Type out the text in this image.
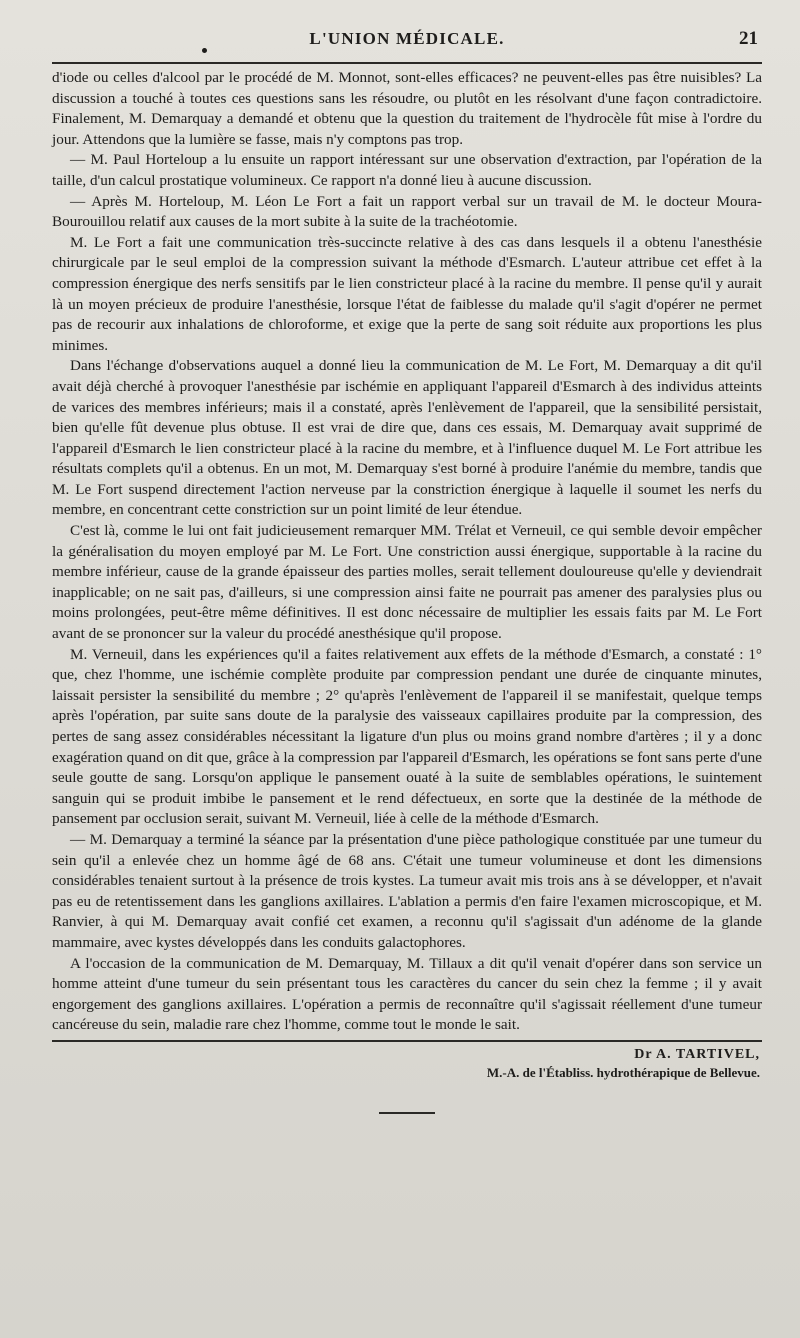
L'UNION MÉDICALE.	21

d'iode ou celles d'alcool par le procédé de M. Monnot, sont-elles efficaces? ne peuvent-elles pas être nuisibles? La discussion a touché à toutes ces questions sans les résoudre, ou plutôt en les résolvant d'une façon contradictoire. Finalement, M. Demarquay a demandé et obtenu que la question du traitement de l'hydrocèle fût mise à l'ordre du jour. Attendons que la lumière se fasse, mais n'y comptons pas trop.

— M. Paul Horteloup a lu ensuite un rapport intéressant sur une observation d'extraction, par l'opération de la taille, d'un calcul prostatique volumineux. Ce rapport n'a donné lieu à aucune discussion.

— Après M. Horteloup, M. Léon Le Fort a fait un rapport verbal sur un travail de M. le docteur Moura-Bourouillou relatif aux causes de la mort subite à la suite de la trachéotomie.

M. Le Fort a fait une communication très-succincte relative à des cas dans lesquels il a obtenu l'anesthésie chirurgicale par le seul emploi de la compression suivant la méthode d'Esmarch. L'auteur attribue cet effet à la compression énergique des nerfs sensitifs par le lien constricteur placé à la racine du membre. Il pense qu'il y aurait là un moyen précieux de produire l'anesthésie, lorsque l'état de faiblesse du malade qu'il s'agit d'opérer ne permet pas de recourir aux inhalations de chloroforme, et exige que la perte de sang soit réduite aux proportions les plus minimes.

Dans l'échange d'observations auquel a donné lieu la communication de M. Le Fort, M. Demarquay a dit qu'il avait déjà cherché à provoquer l'anesthésie par ischémie en appliquant l'appareil d'Esmarch à des individus atteints de varices des membres inférieurs; mais il a constaté, après l'enlèvement de l'appareil, que la sensibilité persistait, bien qu'elle fût devenue plus obtuse. Il est vrai de dire que, dans ces essais, M. Demarquay avait supprimé de l'appareil d'Esmarch le lien constricteur placé à la racine du membre, et à l'influence duquel M. Le Fort attribue les résultats complets qu'il a obtenus. En un mot, M. Demarquay s'est borné à produire l'anémie du membre, tandis que M. Le Fort suspend directement l'action nerveuse par la constriction énergique à laquelle il soumet les nerfs du membre, en concentrant cette constriction sur un point limité de leur étendue.

C'est là, comme le lui ont fait judicieusement remarquer MM. Trélat et Verneuil, ce qui semble devoir empêcher la généralisation du moyen employé par M. Le Fort. Une constriction aussi énergique, supportable à la racine du membre inférieur, cause de la grande épaisseur des parties molles, serait tellement douloureuse qu'elle y deviendrait inapplicable; on ne sait pas, d'ailleurs, si une compression ainsi faite ne pourrait pas amener des paralysies plus ou moins prolongées, peut-être même définitives. Il est donc nécessaire de multiplier les essais faits par M. Le Fort avant de se prononcer sur la valeur du procédé anesthésique qu'il propose.

M. Verneuil, dans les expériences qu'il a faites relativement aux effets de la méthode d'Esmarch, a constaté : 1° que, chez l'homme, une ischémie complète produite par compression pendant une durée de cinquante minutes, laissait persister la sensibilité du membre ; 2° qu'après l'enlèvement de l'appareil il se manifestait, quelque temps après l'opération, par suite sans doute de la paralysie des vaisseaux capillaires produite par la compression, des pertes de sang assez considérables nécessitant la ligature d'un plus ou moins grand nombre d'artères ; il y a donc exagération quand on dit que, grâce à la compression par l'appareil d'Esmarch, les opérations se font sans perte d'une seule goutte de sang. Lorsqu'on applique le pansement ouaté à la suite de semblables opérations, le suintement sanguin qui se produit imbibe le pansement et le rend défectueux, en sorte que la destinée de la méthode de pansement par occlusion serait, suivant M. Verneuil, liée à celle de la méthode d'Esmarch.

— M. Demarquay a terminé la séance par la présentation d'une pièce pathologique constituée par une tumeur du sein qu'il a enlevée chez un homme âgé de 68 ans. C'était une tumeur volumineuse et dont les dimensions considérables tenaient surtout à la présence de trois kystes. La tumeur avait mis trois ans à se développer, et n'avait pas eu de retentissement dans les ganglions axillaires. L'ablation a permis d'en faire l'examen microscopique, et M. Ranvier, à qui M. Demarquay avait confié cet examen, a reconnu qu'il s'agissait d'un adénome de la glande mammaire, avec kystes développés dans les conduits galactophores.

A l'occasion de la communication de M. Demarquay, M. Tillaux a dit qu'il venait d'opérer dans son service un homme atteint d'une tumeur du sein présentant tous les caractères du cancer du sein chez la femme ; il y avait engorgement des ganglions axillaires. L'opération a permis de reconnaître qu'il s'agissait réellement d'une tumeur cancéreuse du sein, maladie rare chez l'homme, comme tout le monde le sait.

Dr A. TARTIVEL,
M.-A. de l'Établiss. hydrothérapique de Bellevue.
